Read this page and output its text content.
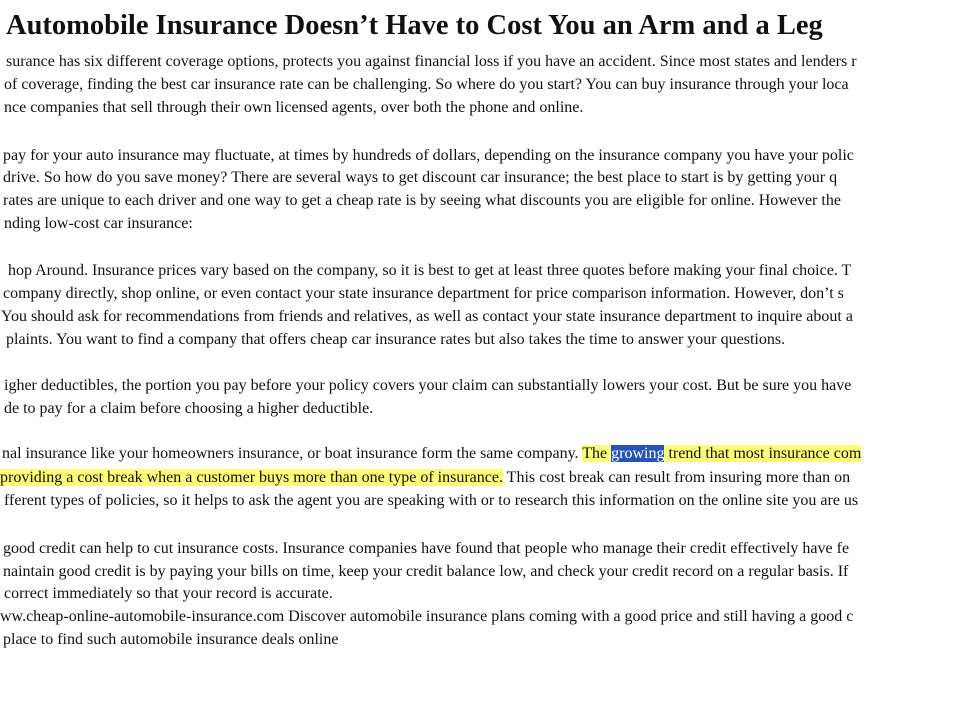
Automobile Insurance Doesn’t Have to Cost You an Arm and a Leg
surance has six different coverage options, protects you against financial loss if you have an accident. Since most states and lenders r
of coverage, finding the best car insurance rate can be challenging. So where do you start? You can buy insurance through your loca
nce companies that sell through their own licensed agents, over both the phone and online.
pay for your auto insurance may fluctuate, at times by hundreds of dollars, depending on the insurance company you have your polic
drive. So how do you save money? There are several ways to get discount car insurance; the best place to start is by getting your q
rates are unique to each driver and one way to get a cheap rate is by seeing what discounts you are eligible for online. However the
nding low-cost car insurance:
hop Around. Insurance prices vary based on the company, so it is best to get at least three quotes before making your final choice. T
company directly, shop online, or even contact your state insurance department for price comparison information. However, don’t s
You should ask for recommendations from friends and relatives, as well as contact your state insurance department to inquire about a
plaints. You want to find a company that offers cheap car insurance rates but also takes the time to answer your questions.
igher deductibles, the portion you pay before your policy covers your claim can substantially lowers your cost. But be sure you have
de to pay for a claim before choosing a higher deductible.
nal insurance like your homeowners insurance, or boat insurance form the same company. The growing trend that most insurance com
providing a cost break when a customer buys more than one type of insurance. This cost break can result from insuring more than on
fferent types of policies, so it helps to ask the agent you are speaking with or to research this information on the online site you are us
good credit can help to cut insurance costs. Insurance companies have found that people who manage their credit effectively have fe
naintain good credit is by paying your bills on time, keep your credit balance low, and check your credit record on a regular basis. If
correct immediately so that your record is accurate.
ww.cheap-online-automobile-insurance.com Discover automobile insurance plans coming with a good price and still having a good c
place to find such automobile insurance deals online
